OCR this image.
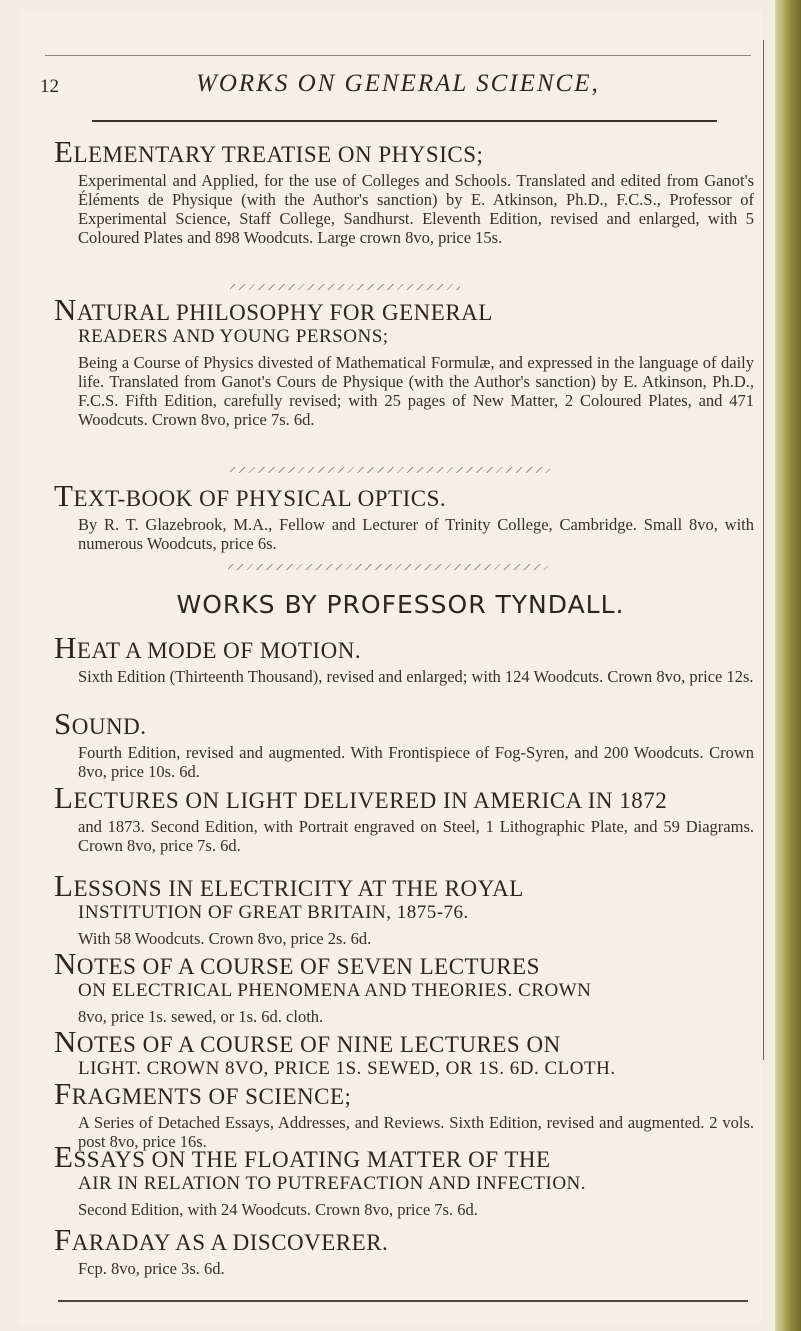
12	WORKS ON GENERAL SCIENCE,
ELEMENTARY TREATISE ON PHYSICS;
Experimental and Applied, for the use of Colleges and Schools. Translated and edited from Ganot's Éléments de Physique (with the Author's sanction) by E. Atkinson, Ph.D., F.C.S., Professor of Experimental Science, Staff College, Sandhurst. Eleventh Edition, revised and enlarged, with 5 Coloured Plates and 898 Woodcuts. Large crown 8vo, price 15s.
NATURAL PHILOSOPHY FOR GENERAL
READERS AND YOUNG PERSONS;
Being a Course of Physics divested of Mathematical Formulæ, and expressed in the language of daily life. Translated from Ganot's Cours de Physique (with the Author's sanction) by E. Atkinson, Ph.D., F.C.S. Fifth Edition, carefully revised; with 25 pages of New Matter, 2 Coloured Plates, and 471 Woodcuts. Crown 8vo, price 7s. 6d.
TEXT-BOOK OF PHYSICAL OPTICS.
By R. T. Glazebrook, M.A., Fellow and Lecturer of Trinity College, Cambridge. Small 8vo, with numerous Woodcuts, price 6s.
WORKS BY PROFESSOR TYNDALL.
HEAT A MODE OF MOTION.
Sixth Edition (Thirteenth Thousand), revised and enlarged; with 124 Woodcuts. Crown 8vo, price 12s.
SOUND.
Fourth Edition, revised and augmented. With Frontispiece of Fog-Syren, and 200 Woodcuts. Crown 8vo, price 10s. 6d.
LECTURES ON LIGHT DELIVERED IN AMERICA IN 1872
and 1873. Second Edition, with Portrait engraved on Steel, 1 Lithographic Plate, and 59 Diagrams. Crown 8vo, price 7s. 6d.
LESSONS IN ELECTRICITY AT THE ROYAL
INSTITUTION OF GREAT BRITAIN, 1875-76.
With 58 Woodcuts. Crown 8vo, price 2s. 6d.
NOTES OF A COURSE OF SEVEN LECTURES
ON ELECTRICAL PHENOMENA AND THEORIES. CROWN
8vo, price 1s. sewed, or 1s. 6d. cloth.
NOTES OF A COURSE OF NINE LECTURES ON
LIGHT. CROWN 8VO, PRICE 1S. SEWED, OR 1S. 6D. CLOTH.
FRAGMENTS OF SCIENCE;
A Series of Detached Essays, Addresses, and Reviews. Sixth Edition, revised and augmented. 2 vols. post 8vo, price 16s.
ESSAYS ON THE FLOATING MATTER OF THE
AIR IN RELATION TO PUTREFACTION AND INFECTION.
Second Edition, with 24 Woodcuts. Crown 8vo, price 7s. 6d.
FARADAY AS A DISCOVERER.
Fcp. 8vo, price 3s. 6d.
